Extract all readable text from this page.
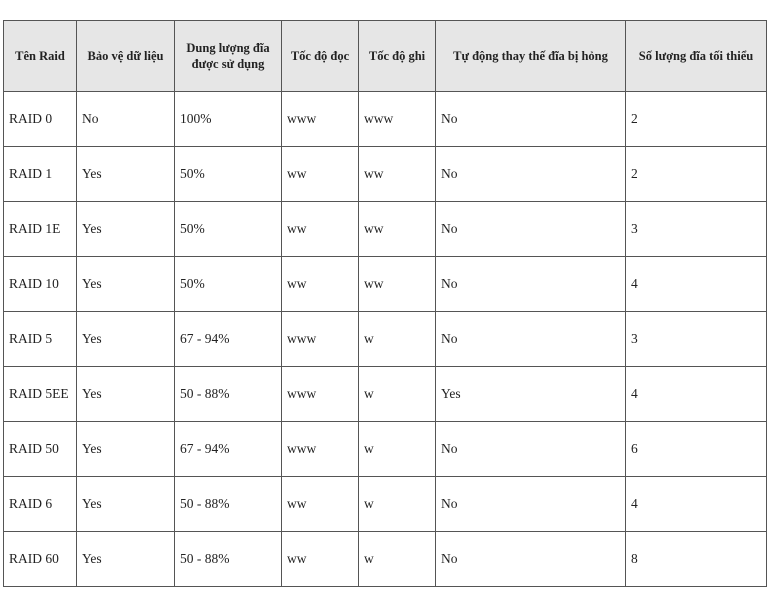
Tên Raid	Bảo vệ dữ liệu	Dung lượng đĩa được sử dụng	Tốc độ đọc	Tốc độ ghi	Tự động thay thế đĩa bị hỏng	Số lượng đĩa tối thiểu
RAID 0	No	100%	www	www	No	2
RAID 1	Yes	50%	ww	ww	No	2
RAID 1E	Yes	50%	ww	ww	No	3
RAID 10	Yes	50%	ww	ww	No	4
RAID 5	Yes	67 - 94%	www	w	No	3
RAID 5EE	Yes	50 - 88%	www	w	Yes	4
RAID 50	Yes	67 - 94%	www	w	No	6
RAID 6	Yes	50 - 88%	ww	w	No	4
RAID 60	Yes	50 - 88%	ww	w	No	8
